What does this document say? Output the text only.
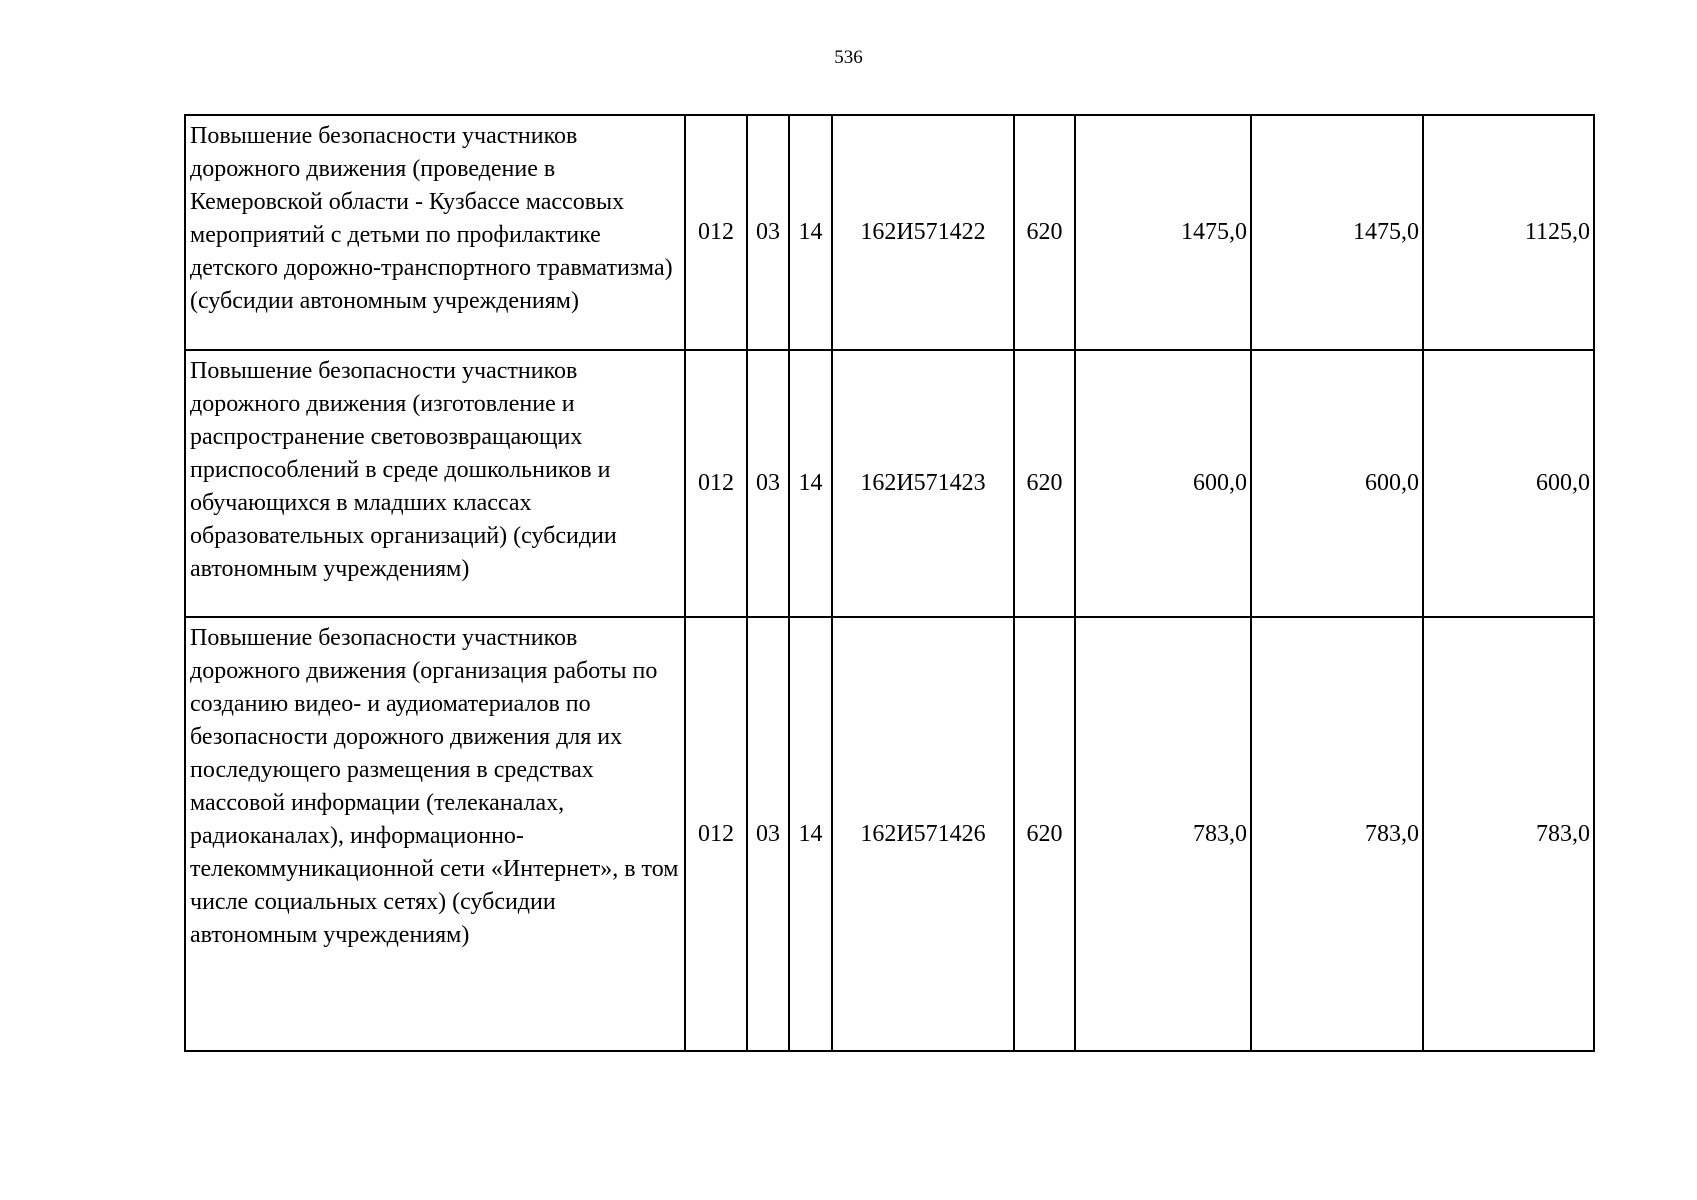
536
Повышение безопасности участников дорожного движения (проведение в Кемеровской области - Кузбассе массовых мероприятий с детьми по профилактике детского дорожно-транспортного травматизма) (субсидии автономным учреждениям)	012	03	14	162И571422	620	1475,0	1475,0	1125,0
Повышение безопасности участников дорожного движения (изготовление и распространение световозвращающих приспособлений в среде дошкольников и обучающихся в младших классах образовательных организаций) (субсидии автономным учреждениям)	012	03	14	162И571423	620	600,0	600,0	600,0
Повышение безопасности участников дорожного движения (организация работы по созданию видео- и аудиоматериалов по безопасности дорожного движения для их последующего размещения в средствах массовой информации (телеканалах, радиоканалах), информационно-телекоммуникационной сети «Интернет», в том числе социальных сетях) (субсидии автономным учреждениям)	012	03	14	162И571426	620	783,0	783,0	783,0
